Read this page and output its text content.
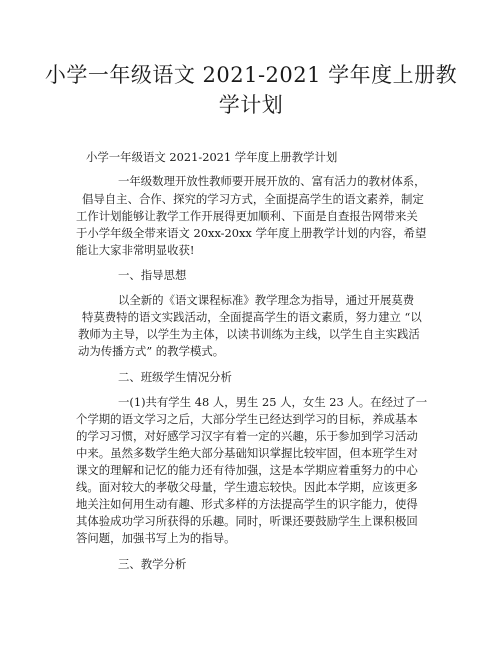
小学一年级语文 2021-2021 学年度上册教
学计划
小学一年级语文 2021-2021 学年度上册教学计划
一年级数理开放性教师要开展开放的、富有活力的教材体系，
倡导自主、合作、探究的学习方式，全面提高学生的语文素养，制定
工作计划能够让教学工作开展得更加顺利、下面是自查报告网带来关
于小学年级全带来语文 20xx-20xx 学年度上册教学计划的内容，希望
能让大家非常明显收获!
一、指导思想
以全新的《语文课程标准》教学理念为指导，通过开展莫费
特莫费特的语文实践活动，全面提高学生的语文素质，努力建立 “以
教师为主导，以学生为主体，以读书训练为主线，以学生自主实践活
动为传播方式” 的教学模式。
二、班级学生情况分析
一(1)共有学生 48 人，男生 25 人，女生 23 人。在经过了一
个学期的语文学习之后，大部分学生已经达到学习的目标，养成基本
的学习习惯，对好感学习汉字有着一定的兴趣，乐于参加到学习活动
中来。虽然多数学生绝大部分基础知识掌握比较牢固，但本班学生对
课文的理解和记忆的能力还有待加强，这是本学期应着重努力的中心
线。面对较大的孝敬父母量，学生遗忘较快。因此本学期，应该更多
地关注如何用生动有趣、形式多样的方法提高学生的识字能力，使得
其体验成功学习所获得的乐趣。同时，听课还要鼓励学生上课积极回
答问题，加强书写上为的指导。
三、教学分析
